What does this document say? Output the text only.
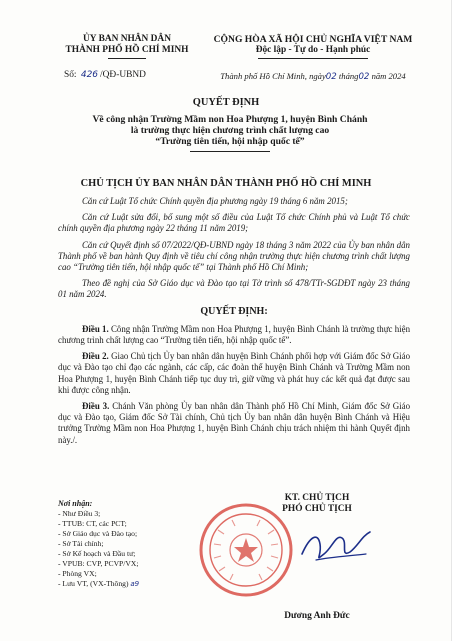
ỦY BAN NHÂN DÂN
THÀNH PHỐ HỒ CHÍ MINH
CỘNG HÒA XÃ HỘI CHỦ NGHĨA VIỆT NAM
Độc lập - Tự do - Hạnh phúc
Số: 426 /QĐ-UBND	Thành phố Hồ Chí Minh, ngày02 tháng02 năm 2024
QUYẾT ĐỊNH
Về công nhận Trường Mầm non Hoa Phượng 1, huyện Bình Chánh
là trường thực hiện chương trình chất lượng cao
“Trường tiên tiến, hội nhập quốc tế”
CHỦ TỊCH ỦY BAN NHÂN DÂN THÀNH PHỐ HỒ CHÍ MINH

Căn cứ Luật Tổ chức Chính quyền địa phương ngày 19 tháng 6 năm 2015;

Căn cứ Luật sửa đổi, bổ sung một số điều của Luật Tổ chức Chính phủ và Luật Tổ chức chính quyền địa phương ngày 22 tháng 11 năm 2019;

Căn cứ Quyết định số 07/2022/QĐ-UBND ngày 18 tháng 3 năm 2022 của Ủy ban nhân dân Thành phố về ban hành Quy định về tiêu chí công nhận trường thực hiện chương trình chất lượng cao “Trường tiên tiến, hội nhập quốc tế” tại Thành phố Hồ Chí Minh;

Theo đề nghị của Sở Giáo dục và Đào tạo tại Tờ trình số 478/TTr-SGDĐT ngày 23 tháng 01 năm 2024.

QUYẾT ĐỊNH:

Điều 1. Công nhận Trường Mầm non Hoa Phượng 1, huyện Bình Chánh là trường thực hiện chương trình chất lượng cao “Trường tiên tiến, hội nhập quốc tế”.

Điều 2. Giao Chủ tịch Ủy ban nhân dân huyện Bình Chánh phối hợp với Giám đốc Sở Giáo dục và Đào tạo chỉ đạo các ngành, các cấp, các đoàn thể huyện Bình Chánh và Trường Mầm non Hoa Phượng 1, huyện Bình Chánh tiếp tục duy trì, giữ vững và phát huy các kết quả đạt được sau khi được công nhận.

Điều 3. Chánh Văn phòng Ủy ban nhân dân Thành phố Hồ Chí Minh, Giám đốc Sở Giáo dục và Đào tạo, Giám đốc Sở Tài chính, Chủ tịch Ủy ban nhân dân huyện Bình Chánh và Hiệu trưởng Trường Mầm non Hoa Phượng 1, huyện Bình Chánh chịu trách nhiệm thi hành Quyết định này./.

Nơi nhận:
- Như Điều 3;
- TTUB: CT, các PCT;
- Sở Giáo dục và Đào tạo;
- Sở Tài chính;
- Sở Kế hoạch và Đầu tư;
- VPUB: CVP, PCVP/VX;
- Phòng VX;
- Lưu VT, (VX-Thông) a9
KT. CHỦ TỊCH
PHÓ CHỦ TỊCH
Dương Anh Đức
